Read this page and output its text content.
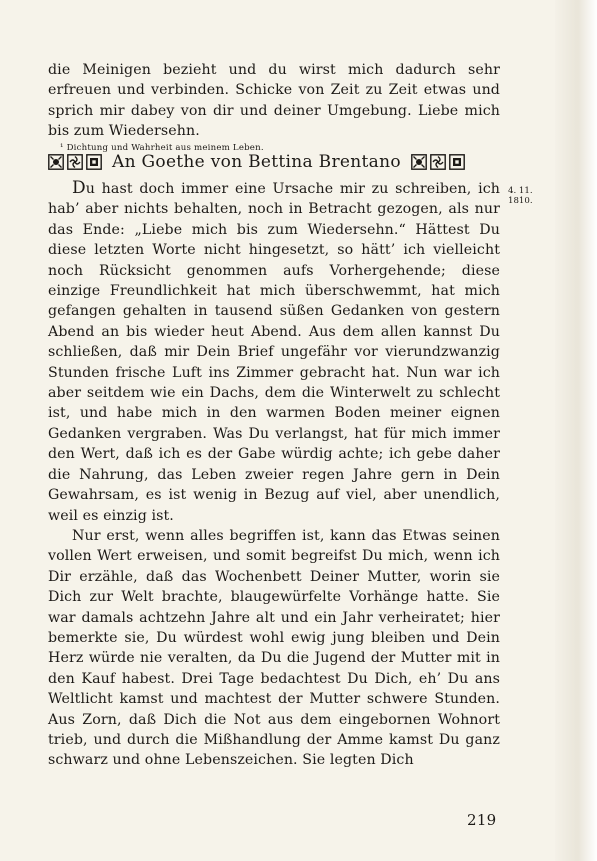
die Meinigen bezieht und du wirst mich dadurch sehr erfreuen und verbinden. Schicke von Zeit zu Zeit etwas und sprich mir dabey von dir und deiner Umgebung. Liebe mich bis zum Wiedersehn.

¹ Dichtung und Wahrheit aus meinem Leben.

An Goethe von Bettina Brentano
4. 11.
1810.

Du hast doch immer eine Ursache mir zu schreiben, ich hab’ aber nichts behalten, noch in Betracht gezogen, als nur das Ende: „Liebe mich bis zum Wiedersehn.“ Hättest Du diese letzten Worte nicht hingesetzt, so hätt’ ich vielleicht noch Rücksicht genommen aufs Vorhergehende; diese einzige Freundlichkeit hat mich überschwemmt, hat mich gefangen gehalten in tausend süßen Gedanken von gestern Abend an bis wieder heut Abend. Aus dem allen kannst Du schließen, daß mir Dein Brief ungefähr vor vierundzwanzig Stunden frische Luft ins Zimmer gebracht hat. Nun war ich aber seitdem wie ein Dachs, dem die Winterwelt zu schlecht ist, und habe mich in den warmen Boden meiner eignen Gedanken vergraben. Was Du verlangst, hat für mich immer den Wert, daß ich es der Gabe würdig achte; ich gebe daher die Nahrung, das Leben zweier regen Jahre gern in Dein Gewahrsam, es ist wenig in Bezug auf viel, aber unendlich, weil es einzig ist.

Nur erst, wenn alles begriffen ist, kann das Etwas seinen vollen Wert erweisen, und somit begreifst Du mich, wenn ich Dir erzähle, daß das Wochenbett Deiner Mutter, worin sie Dich zur Welt brachte, blaugewürfelte Vorhänge hatte. Sie war damals achtzehn Jahre alt und ein Jahr verheiratet; hier bemerkte sie, Du würdest wohl ewig jung bleiben und Dein Herz würde nie veralten, da Du die Jugend der Mutter mit in den Kauf habest. Drei Tage bedachtest Du Dich, eh’ Du ans Weltlicht kamst und machtest der Mutter schwere Stunden. Aus Zorn, daß Dich die Not aus dem eingebornen Wohnort trieb, und durch die Mißhandlung der Amme kamst Du ganz schwarz und ohne Lebenszeichen. Sie legten Dich

219
